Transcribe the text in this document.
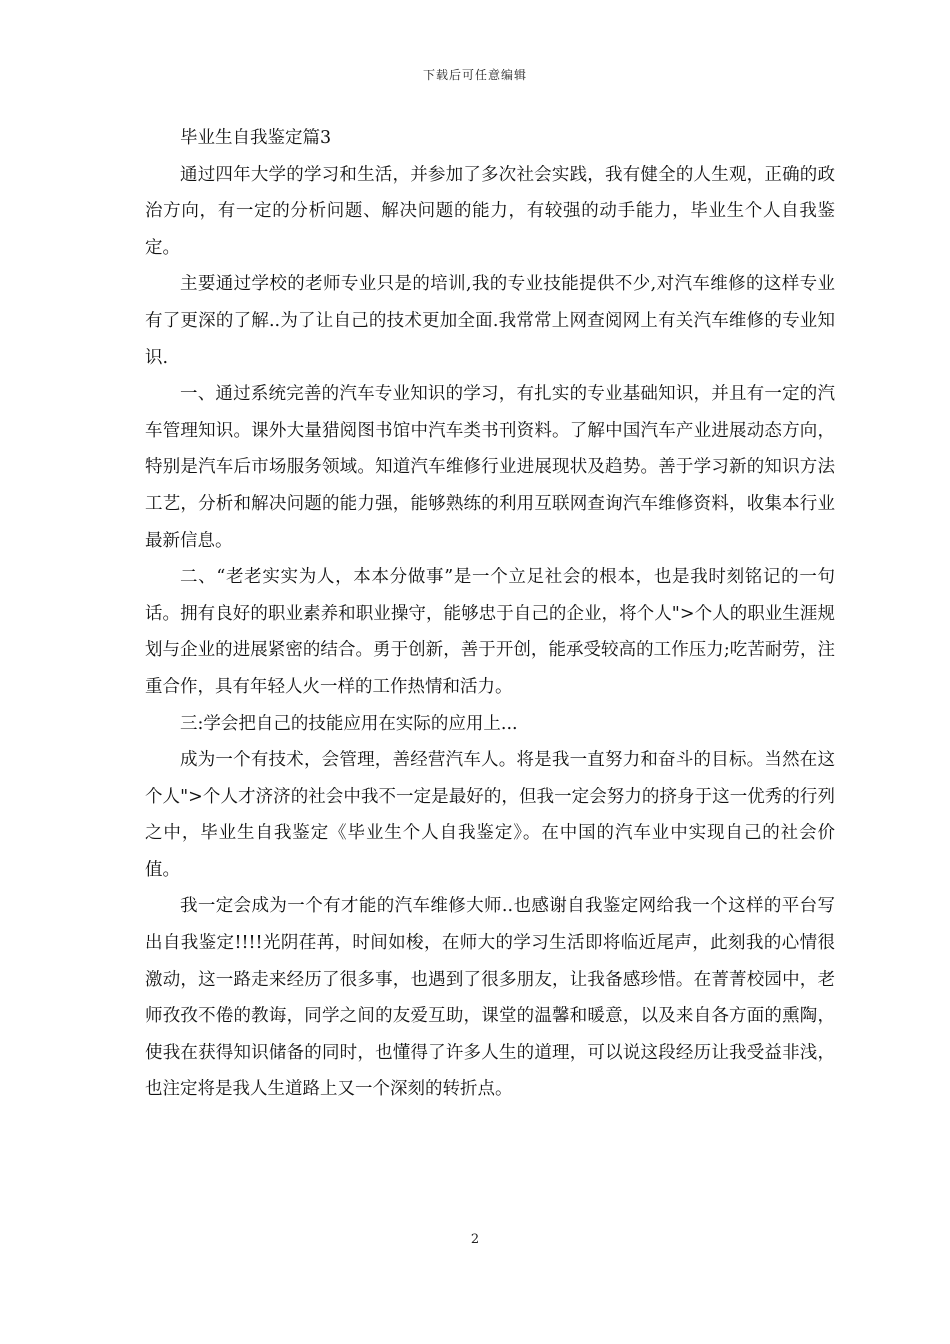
下载后可任意编辑

毕业生自我鉴定篇3

通过四年大学的学习和生活，并参加了多次社会实践，我有健全的人生观，正确的政治方向，有一定的分析问题、解决问题的能力，有较强的动手能力，毕业生个人自我鉴定。

主要通过学校的老师专业只是的培训,我的专业技能提供不少,对汽车维修的这样专业有了更深的了解..为了让自己的技术更加全面.我常常上网查阅网上有关汽车维修的专业知识.

一、通过系统完善的汽车专业知识的学习，有扎实的专业基础知识，并且有一定的汽车管理知识。课外大量猎阅图书馆中汽车类书刊资料。了解中国汽车产业进展动态方向，特别是汽车后市场服务领域。知道汽车维修行业进展现状及趋势。善于学习新的知识方法工艺，分析和解决问题的能力强，能够熟练的利用互联网查询汽车维修资料，收集本行业最新信息。

二、“老老实实为人，本本分做事”是一个立足社会的根本，也是我时刻铭记的一句话。拥有良好的职业素养和职业操守，能够忠于自己的企业，将个人">个人的职业生涯规划与企业的进展紧密的结合。勇于创新，善于开创，能承受较高的工作压力;吃苦耐劳，注重合作，具有年轻人火一样的工作热情和活力。

三:学会把自己的技能应用在实际的应用上...

成为一个有技术，会管理，善经营汽车人。将是我一直努力和奋斗的目标。当然在这个人">个人才济济的社会中我不一定是最好的，但我一定会努力的挤身于这一优秀的行列之中，毕业生自我鉴定《毕业生个人自我鉴定》。在中国的汽车业中实现自己的社会价值。

我一定会成为一个有才能的汽车维修大师..也感谢自我鉴定网给我一个这样的平台写出自我鉴定!!!!光阴荏苒，时间如梭，在师大的学习生活即将临近尾声，此刻我的心情很激动，这一路走来经历了很多事，也遇到了很多朋友，让我备感珍惜。在菁菁校园中，老师孜孜不倦的教诲，同学之间的友爱互助，课堂的温馨和暖意，以及来自各方面的熏陶，使我在获得知识储备的同时，也懂得了许多人生的道理，可以说这段经历让我受益非浅，也注定将是我人生道路上又一个深刻的转折点。

2
